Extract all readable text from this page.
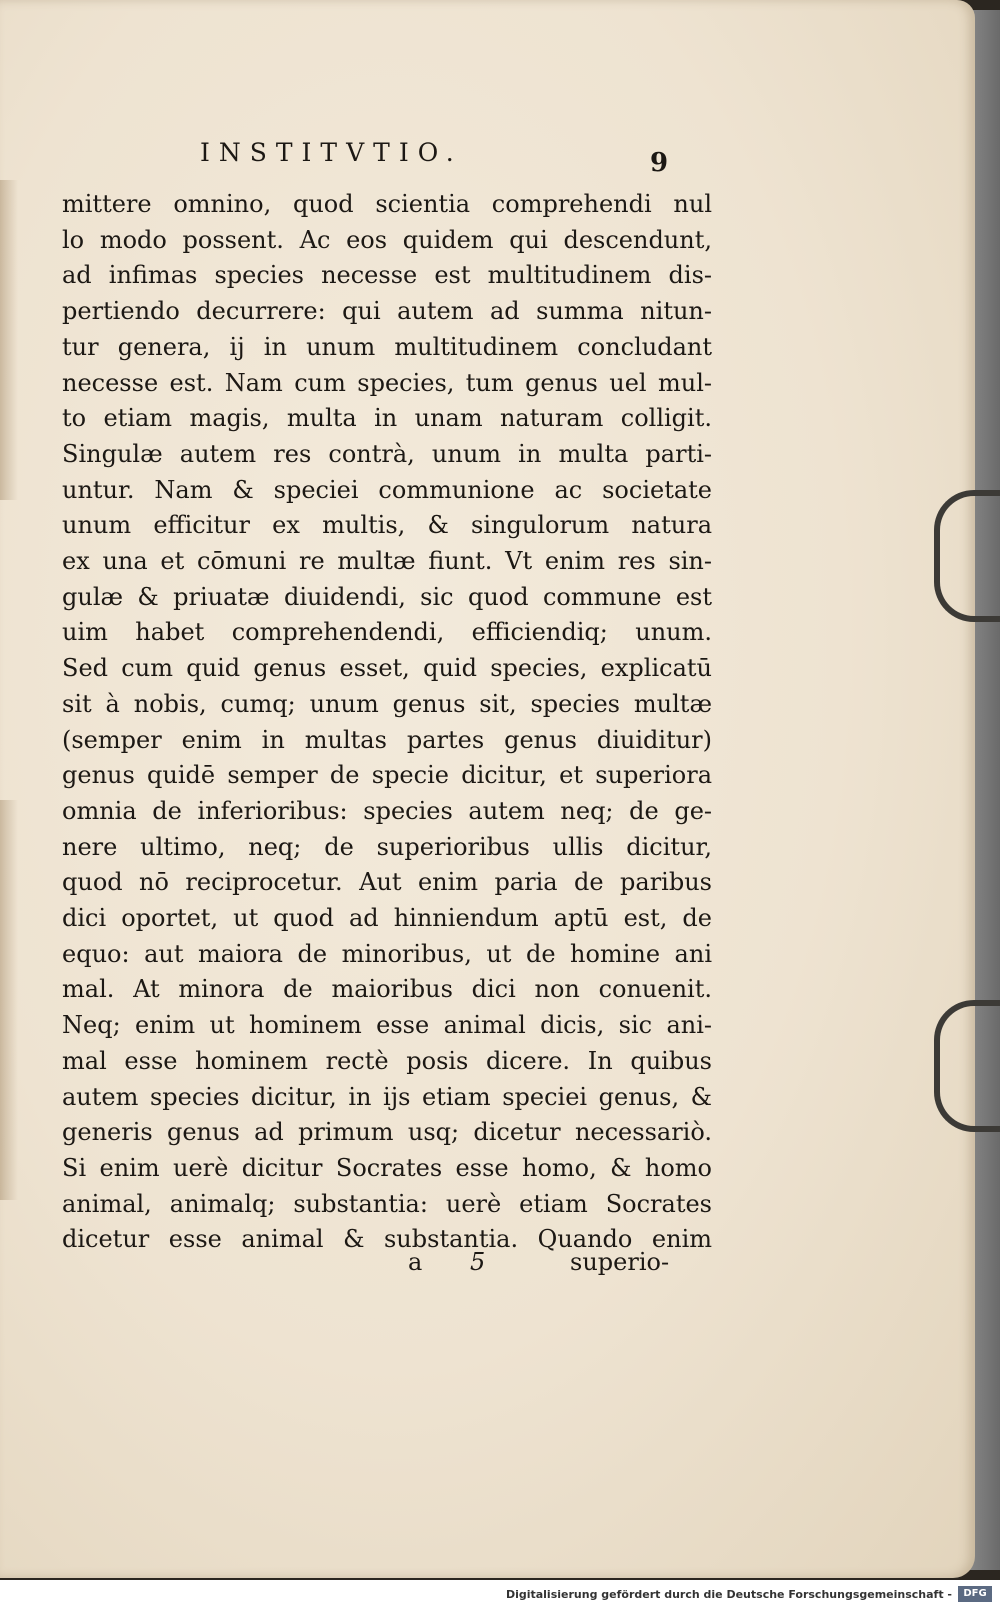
INSTITVTIO.	9
mittere omnino, quod scientia comprehendi nul
lo modo possent. Ac eos quidem qui descendunt,
ad infimas species necesse est multitudinem dis-
pertiendo decurrere: qui autem ad summa nitun-
tur genera, ij in unum multitudinem concludant
necesse est. Nam cum species, tum genus uel mul-
to etiam magis, multa in unam naturam colligit.
Singulæ autem res contrà, unum in multa parti-
untur. Nam & speciei communione ac societate
unum efficitur ex multis, & singulorum natura
ex una et cōmuni re multæ fiunt. Vt enim res sin-
gulæ & priuatæ diuidendi, sic quod commune est
uim habet comprehendendi, efficiendiq; unum.
Sed cum quid genus esset, quid species, explicatū
sit à nobis, cumq; unum genus sit, species multæ
(semper enim in multas partes genus diuiditur)
genus quidē semper de specie dicitur, et superiora
omnia de inferioribus: species autem neq; de ge-
nere ultimo, neq; de superioribus ullis dicitur,
quod nō reciprocetur. Aut enim paria de paribus
dici oportet, ut quod ad hinniendum aptū est, de
equo: aut maiora de minoribus, ut de homine ani
mal. At minora de maioribus dici non conuenit.
Neq; enim ut hominem esse animal dicis, sic ani-
mal esse hominem rectè posis dicere. In quibus
autem species dicitur, in ijs etiam speciei genus, &
generis genus ad primum usq; dicetur necessariò.
Si enim uerè dicitur Socrates esse homo, & homo
animal, animalq; substantia: uerè etiam Socrates
dicetur esse animal & substantia. Quando enim
a 5	superio-
Digitalisierung gefördert durch die Deutsche Forschungsgemeinschaft -	DFG
